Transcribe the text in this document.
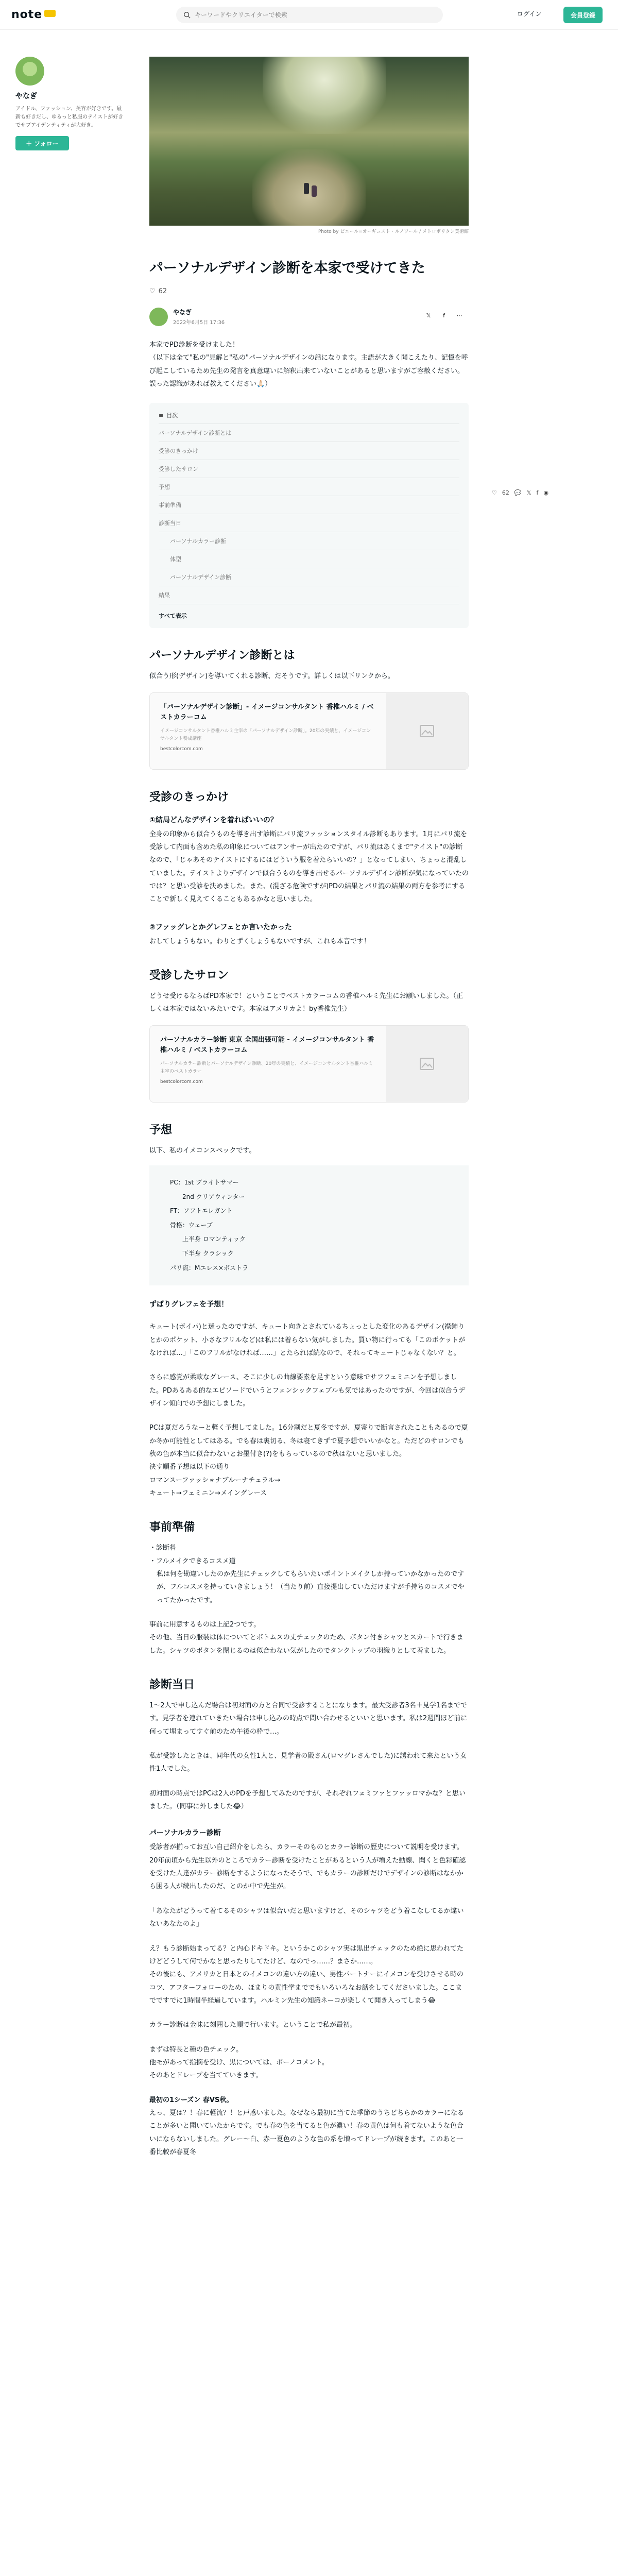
note
キーワードやクリエイターで検索	ログイン	会員登録
やなぎ
アイドル、ファッション、美容が好きです。最新も好きだし、ゆるっと私服のテイストが好きでサブアイデンティティが大好き。
＋ フォロー
Photo by ピエール=オーギュスト・ルノワール / メトロポリタン美術館
♡ 62 💬 𝕏 f ◉
パーソナルデザイン診断を本家で受けてきた
♡ 62
やなぎ
2022年6月5日 17:36
𝕏	f	⋯

本家でPD診断を受けました！

（以下は全て"私の"見解と"私の"パーソナルデザインの話になります。主語が大きく聞こえたり、記憶を呼び起こしているため先生の発言を真意違いに解釈出来ていないことがあると思いますがご容赦ください。誤った認識があれば教えてください🙏🏻）

≡ 目次
パーソナルデザイン診断とは
受診のきっかけ
受診したサロン
予想
事前準備
診断当日
パーソナルカラー診断
体型
パーソナルデザイン診断
結果
すべて表示
パーソナルデザイン診断とは

似合う形(デザイン)を導いてくれる診断、だそうです。詳しくは以下リンクから。

「パーソナルデザイン診断」- イメージコンサルタント 香椎ハルミ / ベストカラーコム
イメージコンサルタント香椎ハルミ主宰の「パーソナルデザイン診断」。20年の実績と、イメージコンサルタント養成講座
bestcolorcom.com
受診のきっかけ
①結局どんなデザインを着ればいいの？

全身の印象から似合うものを導き出す診断にパリ流ファッションスタイル診断もあります。1月にパリ流を受診して内面も含めた私の印象についてはアンサーが出たのですが、パリ流はあくまで"テイスト"の診断なので、「じゃあそのテイストにするにはどういう服を着たらいいの？」となってしまい、ちょっと混乱していました。テイストよりデザインで似合うものを導き出せるパーソナルデザイン診断が気になっていたのでは？と思い受診を決めました。また、(混ざる危険ですが)PDの結果とパリ流の結果の両方を参考にすることで新しく見えてくることもあるかなと思いました。

②ファッグレとかグレフェとか言いたかった

おしてしょうもない。わりとずくしょうもないですが、これも本音です！

受診したサロン

どうせ受けるならばPD本家で！ということでベストカラーコムの香椎ハルミ先生にお願いしました。（正しくは本家ではないみたいです。本家はアメリカよ！by香椎先生）

パーソナルカラー診断 東京 全国出張可能 - イメージコンサルタント 香椎ハルミ / ベストカラーコム
パーソナルカラー診断とパーソナルデザイン診断、20年の実績と、イメージコンサルタント香椎ハルミ主宰のベストカラー
bestcolorcom.com
予想

以下、私のイメコンスペックです。

PC：1st ブライトサマー
2nd クリアウィンター
FT：ソフトエレガント
骨格：ウェーブ
上半身 ロマンティック
下半身 クラシック
パリ流：Mエレス×ボストラ
ずばりグレフェを予想！

キュート(ボイパ)と迷ったのですが、キュート向きとされているちょっとした変化のあるデザイン(襟飾りとかのポケット、小さなフリルなど)は私には着らない気がしました。買い物に行っても「このポケットがなければ…」「このフリルがなければ……」とたられば続なので、それってキュートじゃなくない？と。

さらに感覚が柔軟なグレース、そこに少しの曲線要素を足すという意味でサフフェミニンを予想しました。PDあるある的なエピソードでいうとフェンシックフェブルも気ではあったのですが、今回は似合うデザイン傾向での予想にしました。

PCは夏だろうなーと軽く予想してました。16分割だと夏冬ですが、夏寄りで断言されたこともあるので夏か冬か可能性としてはある。でも春は裏切る、冬は寝てきずで夏予想でいいかなと。ただどのサロンでも秋の色が本当に似合わないとお墨付き(?)をもらっているので秋はないと思いました。

決す順番予想は以下の通り

ロマンスーファッショナブルーナチュラル→

キュート→フェミニン→メイングレース

事前準備
・診断料
・フルメイクできるコスメ道

私は何を勘違いしたのか先生にチェックしてもらいたいポイントメイクしか持っていかなかったのですが、フルコスメを持っていきましょう！（当たり前）直接提出していただけますが手持ちのコスメでやってたかったです。

事前に用意するものは上記2つです。

その他、当日の服装は体についてとボトムスの丈チェックのため、ボタン付きシャツとスカートで行きました。シャツのボタンを閉じるのは似合わない気がしたのでタンクトップの羽織りとして着ました。

診断当日

1〜2人で申し込んだ場合は初対面の方と合同で受診することになります。最大受診者3名＋見学1名までです。見学者を連れていきたい場合は申し込みの時点で問い合わせるといいと思います。私は2週間ほど前に何って埋まってすぐ前のため午後の枠で…。

私が受診したときは、同年代の女性1人と、見学者の殿さん(ロマグレさんでした)に誘われて来たという女性1人でした。

初対面の時点ではPCは2人のPDを予想してみたのですが、それぞれフェミファとファッロマかな？と思いました。（同事に外しました😂）

パーソナルカラー診断

受診者が揃ってお互い自己紹介をしたら、カラーそのものとカラー診断の歴史について説明を受けます。20年前頃から先生以外のところでカラー診断を受けたことがあるという人が増えた動線、聞くと色彩確認を受けた人達がカラー診断をするようになったそうで、でもカラーの診断だけでデザインの診断はなかから困る人が続出したのだ、とのか中で先生が。

「あなたがどうって着てるそのシャツは似合いだと思いますけど、そのシャツをどう着こなしてるか違いないあなたのよ」

え？もう診断始まってる？と内心ドキドキ。というかこのシャツ実は黒出チェックのため絶に思われてたけどどうして何でかなと思ったりしてたけど、なのでっ……？まさか……。

その後にも、アメリカと日本とのイメコンの違い方の違い、男性パートナーにイメコンを受けさせる時のコツ、アフターフォローのため、ほまりの黄性学まででもいろいろなお話をしてくださいました。ここまでですでに1時間半経過しています。ハルミン先生の知識ネーコが楽しくて聞き入ってしまう😂

カラー診断は金味に刻囲した順で行います。ということで私が最初。

まずは特長と種の色チェック。

他モがあって指摘を受け、黒については、ボーノコメント。

そのあとドレープを当てていきます。

最初の1シーズン 春VS秋。

えっ、夏は？！春に軽流？！と戸惑いました。なぜなら最初に当てた季節のうちどちらかのカラーになることが多いと聞いていたからです。でも春の色を当てると色が濃い！春の黄色は何も着てないような色合いにならないしました。グレー～白、赤一夏色のような色の系を増ってドレープが続きます。このあと一番比較が春夏冬
